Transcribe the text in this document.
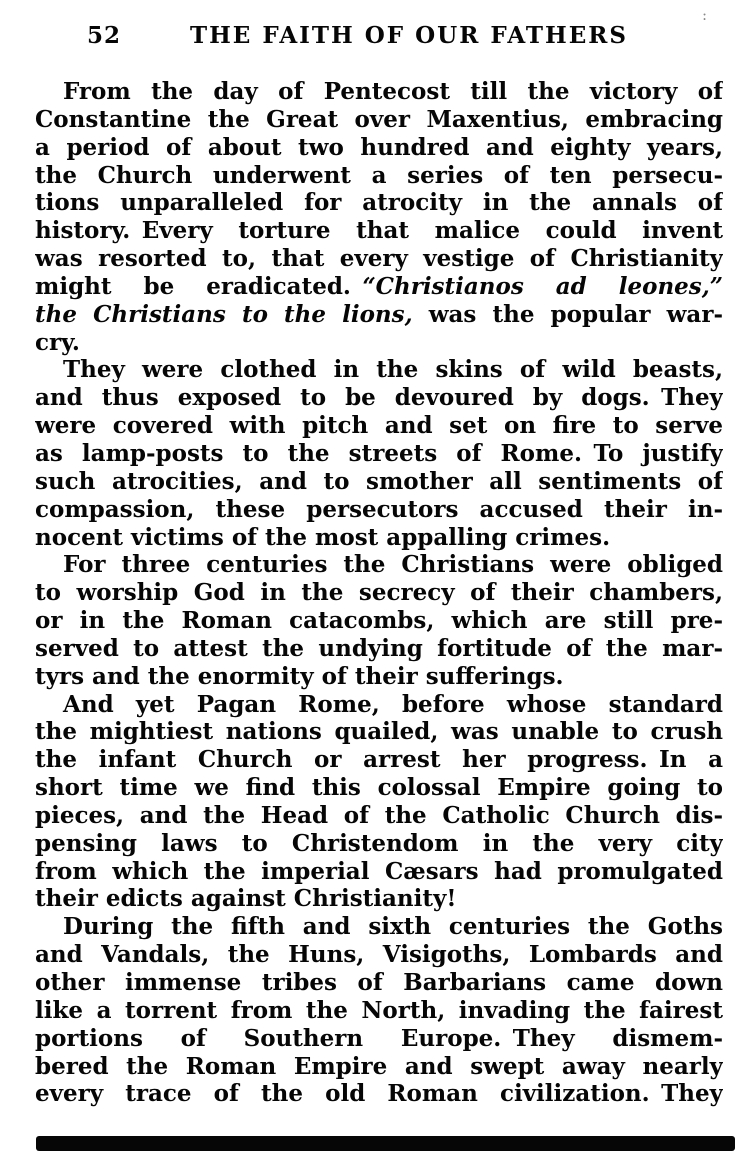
52	THE FAITH OF OUR FATHERS
:
From the day of Pentecost till the victory of
Constantine the Great over Maxentius, embracing
a period of about two hundred and eighty years,
the Church underwent a series of ten persecu-
tions unparalleled for atrocity in the annals of
history. Every torture that malice could invent
was resorted to, that every vestige of Christianity
might be eradicated. “Christianos ad leones,”
the Christians to the lions, was the popular war-
cry.
They were clothed in the skins of wild beasts,
and thus exposed to be devoured by dogs. They
were covered with pitch and set on fire to serve
as lamp-posts to the streets of Rome. To justify
such atrocities, and to smother all sentiments of
compassion, these persecutors accused their in-
nocent victims of the most appalling crimes.
For three centuries the Christians were obliged
to worship God in the secrecy of their chambers,
or in the Roman catacombs, which are still pre-
served to attest the undying fortitude of the mar-
tyrs and the enormity of their sufferings.
And yet Pagan Rome, before whose standard
the mightiest nations quailed, was unable to crush
the infant Church or arrest her progress. In a
short time we find this colossal Empire going to
pieces, and the Head of the Catholic Church dis-
pensing laws to Christendom in the very city
from which the imperial Cæsars had promulgated
their edicts against Christianity!
During the fifth and sixth centuries the Goths
and Vandals, the Huns, Visigoths, Lombards and
other immense tribes of Barbarians came down
like a torrent from the North, invading the fairest
portions of Southern Europe. They dismem-
bered the Roman Empire and swept away nearly
every trace of the old Roman civilization. They
